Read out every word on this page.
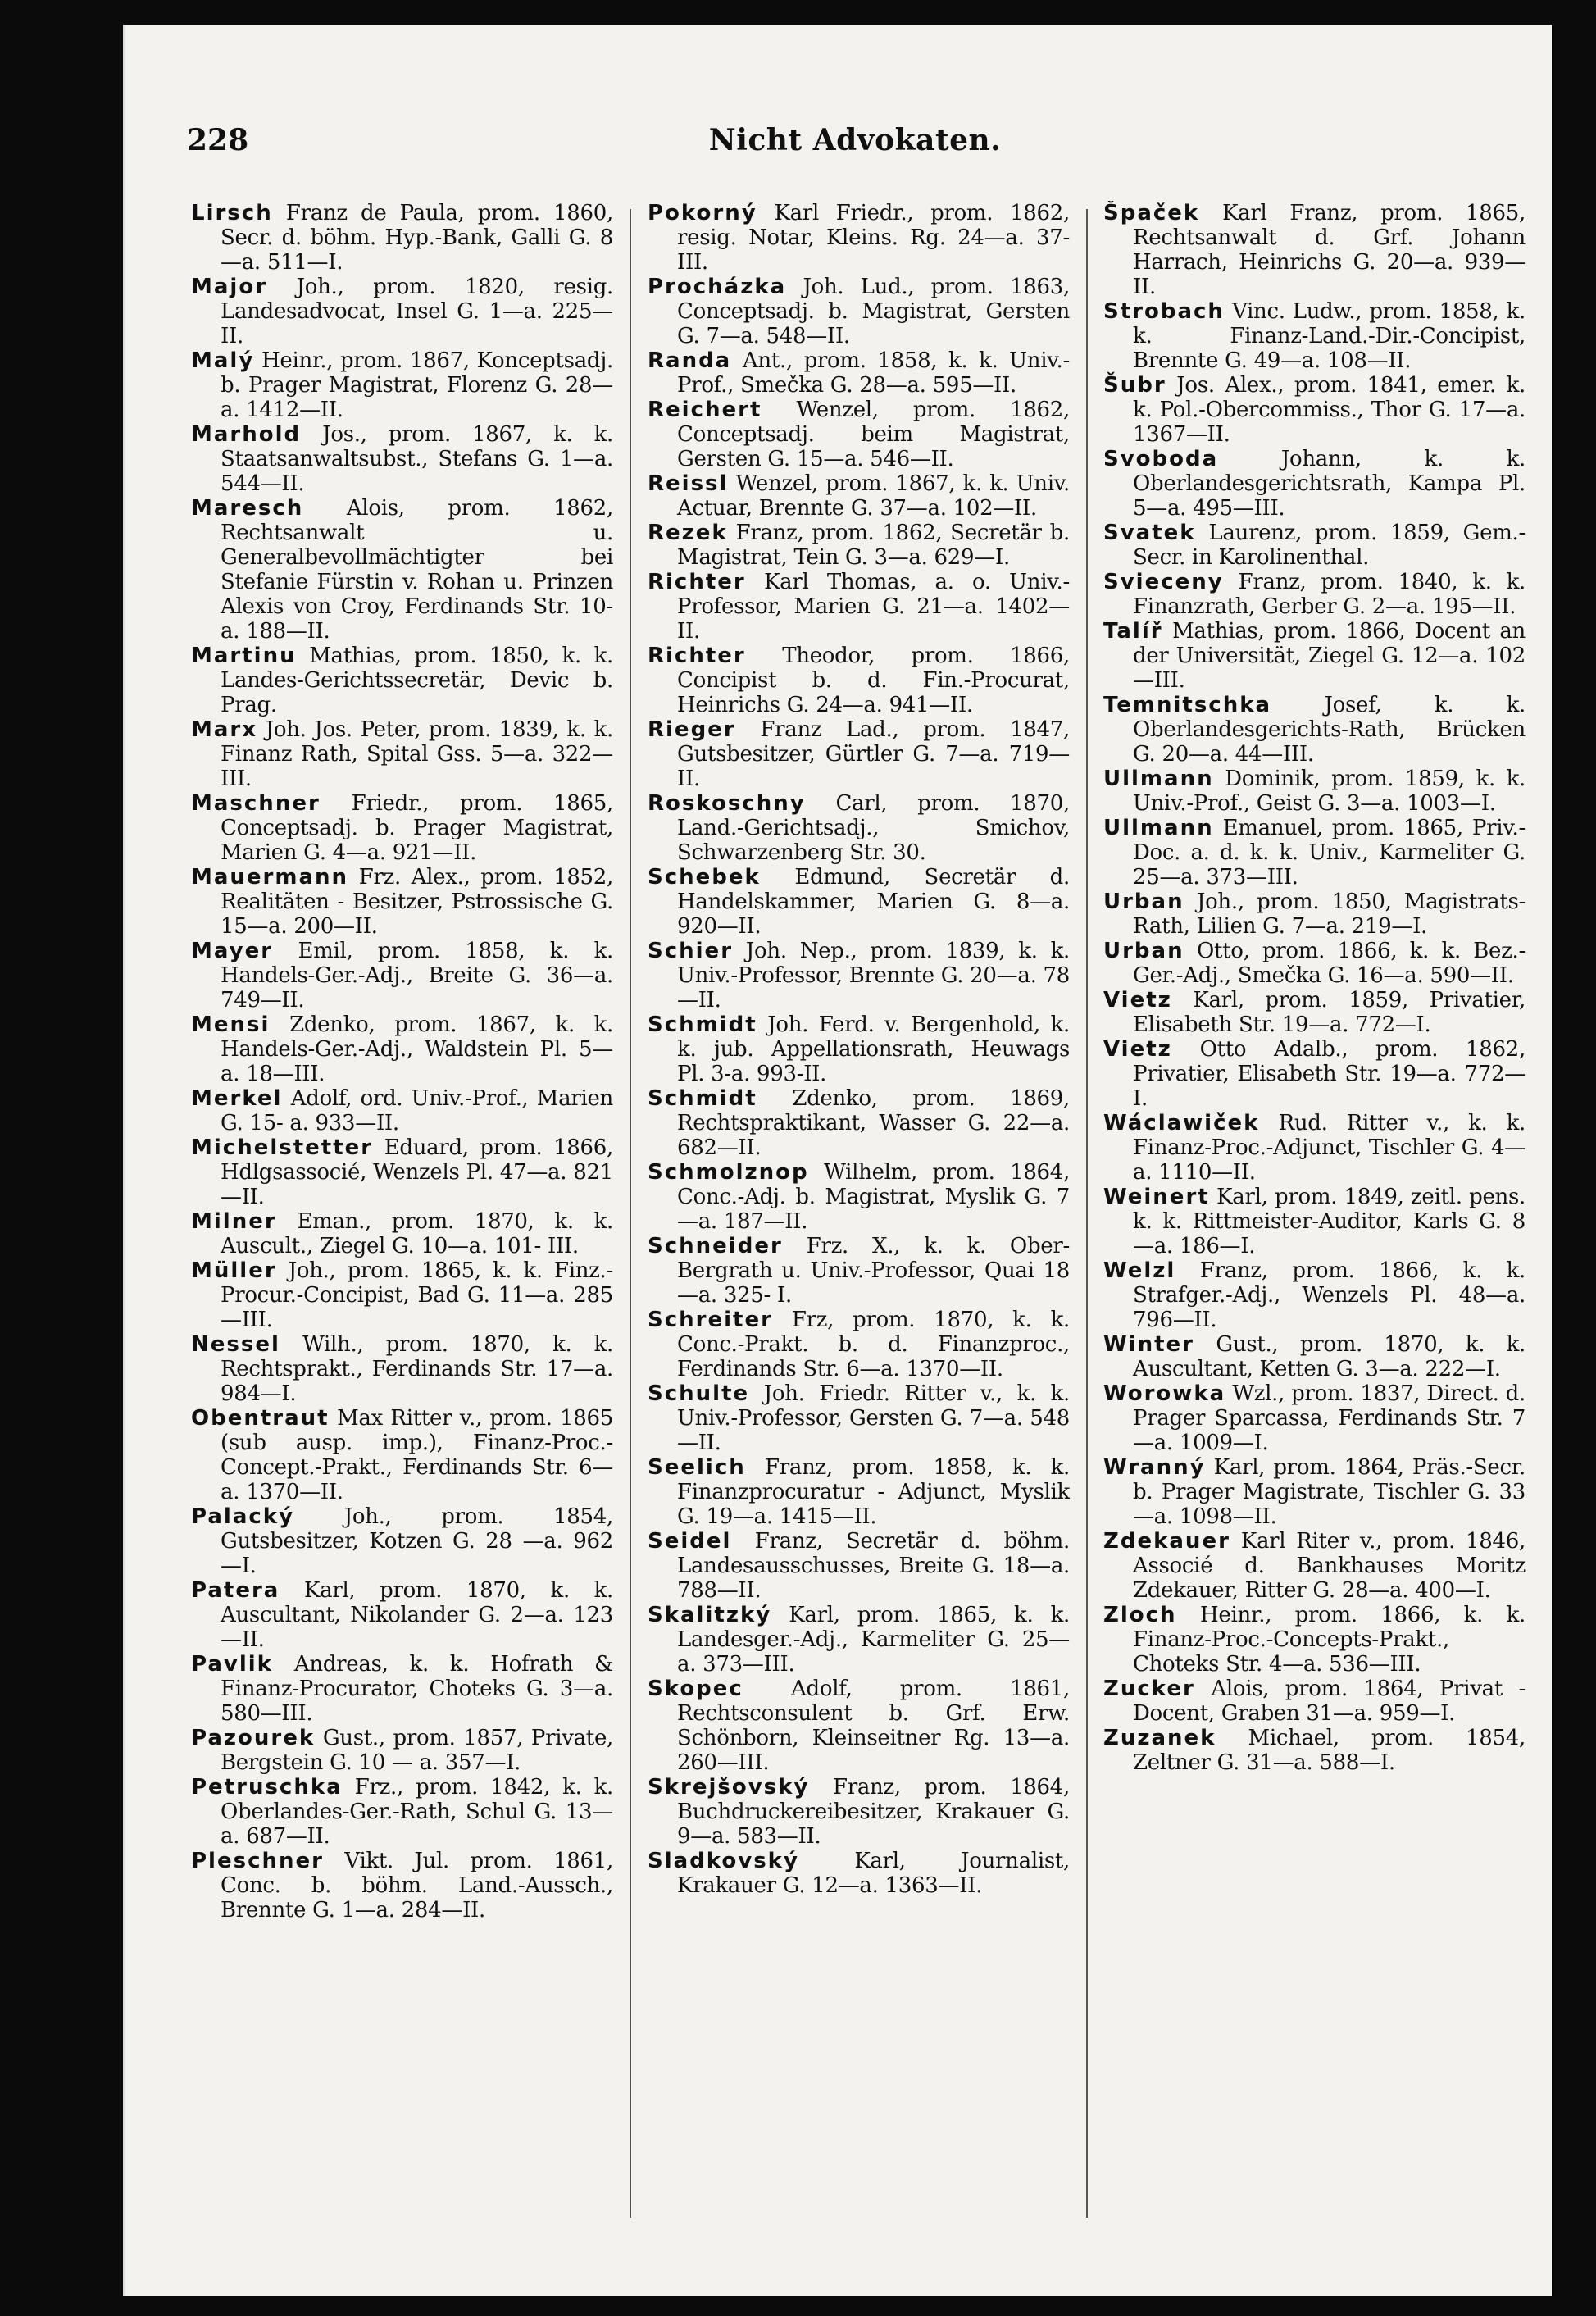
228	Nicht Advokaten.

Lirsch Franz de Paula, prom. 1860, Secr. d. böhm. Hyp.-Bank, Galli G. 8—a. 511—I.

Major Joh., prom. 1820, resig. Landesadvocat, Insel G. 1—a. 225—II.

Malý Heinr., prom. 1867, Konceptsadj. b. Prager Magistrat, Florenz G. 28—a. 1412—II.

Marhold Jos., prom. 1867, k. k. Staatsanwaltsubst., Stefans G. 1—a. 544—II.

Maresch Alois, prom. 1862, Rechtsanwalt u. Generalbevollmächtigter bei Stefanie Fürstin v. Rohan u. Prinzen Alexis von Croy, Ferdinands Str. 10- a. 188—II.

Martinu Mathias, prom. 1850, k. k. Landes-Gerichtssecretär, Devic b. Prag.

Marx Joh. Jos. Peter, prom. 1839, k. k. Finanz Rath, Spital Gss. 5—a. 322—III.

Maschner Friedr., prom. 1865, Conceptsadj. b. Prager Magistrat, Marien G. 4—a. 921—II.

Mauermann Frz. Alex., prom. 1852, Realitäten - Besitzer, Pstrossische G. 15—a. 200—II.

Mayer Emil, prom. 1858, k. k. Handels-Ger.-Adj., Breite G. 36—a. 749—II.

Mensi Zdenko, prom. 1867, k. k. Handels-Ger.-Adj., Waldstein Pl. 5—a. 18—III.

Merkel Adolf, ord. Univ.-Prof., Marien G. 15- a. 933—II.

Michelstetter Eduard, prom. 1866, Hdlgsassocié, Wenzels Pl. 47—a. 821—II.

Milner Eman., prom. 1870, k. k. Auscult., Ziegel G. 10—a. 101- III.

Müller Joh., prom. 1865, k. k. Finz.-Procur.-Concipist, Bad G. 11—a. 285—III.

Nessel Wilh., prom. 1870, k. k. Rechtsprakt., Ferdinands Str. 17—a. 984—I.

Obentraut Max Ritter v., prom. 1865 (sub ausp. imp.), Finanz-Proc.-Concept.-Prakt., Ferdinands Str. 6—a. 1370—II.

Palacký Joh., prom. 1854, Gutsbesitzer, Kotzen G. 28 —a. 962—I.

Patera Karl, prom. 1870, k. k. Auscultant, Nikolander G. 2—a. 123—II.

Pavlik Andreas, k. k. Hofrath & Finanz-Procurator, Choteks G. 3—a. 580—III.

Pazourek Gust., prom. 1857, Private, Bergstein G. 10 — a. 357—I.

Petruschka Frz., prom. 1842, k. k. Oberlandes-Ger.-Rath, Schul G. 13—a. 687—II.

Pleschner Vikt. Jul. prom. 1861, Conc. b. böhm. Land.-Aussch., Brennte G. 1—a. 284—II.

Pokorný Karl Friedr., prom. 1862, resig. Notar, Kleins. Rg. 24—a. 37- III.

Procházka Joh. Lud., prom. 1863, Conceptsadj. b. Magistrat, Gersten G. 7—a. 548—II.

Randa Ant., prom. 1858, k. k. Univ.-Prof., Smečka G. 28—a. 595—II.

Reichert Wenzel, prom. 1862, Conceptsadj. beim Magistrat, Gersten G. 15—a. 546—II.

Reissl Wenzel, prom. 1867, k. k. Univ. Actuar, Brennte G. 37—a. 102—II.

Rezek Franz, prom. 1862, Secretär b. Magistrat, Tein G. 3—a. 629—I.

Richter Karl Thomas, a. o. Univ.- Professor, Marien G. 21—a. 1402—II.

Richter Theodor, prom. 1866, Concipist b. d. Fin.-Procurat, Heinrichs G. 24—a. 941—II.

Rieger Franz Lad., prom. 1847, Gutsbesitzer, Gürtler G. 7—a. 719—II.

Roskoschny Carl, prom. 1870, Land.-Gerichtsadj., Smichov, Schwarzenberg Str. 30.

Schebek Edmund, Secretär d. Handelskammer, Marien G. 8—a. 920—II.

Schier Joh. Nep., prom. 1839, k. k. Univ.-Professor, Brennte G. 20—a. 78—II.

Schmidt Joh. Ferd. v. Bergenhold, k. k. jub. Appellationsrath, Heuwags Pl. 3-a. 993-II.

Schmidt Zdenko, prom. 1869, Rechtspraktikant, Wasser G. 22—a. 682—II.

Schmolznop Wilhelm, prom. 1864, Conc.-Adj. b. Magistrat, Myslik G. 7—a. 187—II.

Schneider Frz. X., k. k. Ober-Bergrath u. Univ.-Professor, Quai 18—a. 325- I.

Schreiter Frz, prom. 1870, k. k. Conc.-Prakt. b. d. Finanzproc., Ferdinands Str. 6—a. 1370—II.

Schulte Joh. Friedr. Ritter v., k. k. Univ.-Professor, Gersten G. 7—a. 548—II.

Seelich Franz, prom. 1858, k. k. Finanzprocuratur - Adjunct, Myslik G. 19—a. 1415—II.

Seidel Franz, Secretär d. böhm. Landesausschusses, Breite G. 18—a. 788—II.

Skalitzký Karl, prom. 1865, k. k. Landesger.-Adj., Karmeliter G. 25—a. 373—III.

Skopec Adolf, prom. 1861, Rechtsconsulent b. Grf. Erw. Schönborn, Kleinseitner Rg. 13—a. 260—III.

Skrejšovský Franz, prom. 1864, Buchdruckereibesitzer, Krakauer G. 9—a. 583—II.

Sladkovský	Karl, Journalist, Krakauer G. 12—a. 1363—II.

Špaček Karl Franz, prom. 1865, Rechtsanwalt d. Grf. Johann Harrach, Heinrichs G. 20—a. 939—II.

Strobach Vinc. Ludw., prom. 1858, k. k. Finanz-Land.-Dir.-Concipist, Brennte G. 49—a. 108—II.

Šubr Jos. Alex., prom. 1841, emer. k. k. Pol.-Obercommiss., Thor G. 17—a. 1367—II.

Svoboda	Johann, k. k. Oberlandesgerichtsrath, Kampa Pl. 5—a. 495—III.

Svatek Laurenz, prom. 1859, Gem.-Secr. in Karolinenthal.

Svieceny Franz, prom. 1840, k. k. Finanzrath, Gerber G. 2—a. 195—II.

Talíř Mathias, prom. 1866, Docent an der Universität, Ziegel G. 12—a. 102—III.

Temnitschka Josef, k. k. Oberlandesgerichts-Rath, Brücken G. 20—a. 44—III.

Ullmann Dominik, prom. 1859, k. k. Univ.-Prof., Geist G. 3—a. 1003—I.

Ullmann Emanuel, prom. 1865, Priv.-Doc. a. d. k. k. Univ., Karmeliter G. 25—a. 373—III.

Urban Joh., prom. 1850, Magistrats-Rath, Lilien G. 7—a. 219—I.

Urban Otto, prom. 1866, k. k. Bez.-Ger.-Adj., Smečka G. 16—a. 590—II.

Vietz Karl, prom. 1859, Privatier, Elisabeth Str. 19—a. 772—I.

Vietz Otto Adalb., prom. 1862, Privatier, Elisabeth Str. 19—a. 772—I.

Wáclawiček Rud. Ritter v., k. k. Finanz-Proc.-Adjunct, Tischler G. 4—a. 1110—II.

Weinert Karl, prom. 1849, zeitl. pens. k. k. Rittmeister-Auditor, Karls G. 8—a. 186—I.

Welzl Franz, prom. 1866, k. k. Strafger.-Adj., Wenzels Pl. 48—a. 796—II.

Winter Gust., prom. 1870, k. k. Auscultant, Ketten G. 3—a. 222—I.

Worowka Wzl., prom. 1837, Direct. d. Prager Sparcassa, Ferdinands Str. 7—a. 1009—I.

Wranný Karl, prom. 1864, Präs.-Secr. b. Prager Magistrate, Tischler G. 33—a. 1098—II.

Zdekauer Karl Riter v., prom. 1846, Associé d. Bankhauses Moritz Zdekauer, Ritter G. 28—a. 400—I.

Zloch Heinr., prom. 1866, k. k. Finanz-Proc.-Concepts-Prakt., Choteks Str. 4—a. 536—III.

Zucker Alois, prom. 1864, Privat - Docent, Graben 31—a. 959—I.

Zuzanek Michael, prom. 1854, Zeltner G. 31—a. 588—I.
